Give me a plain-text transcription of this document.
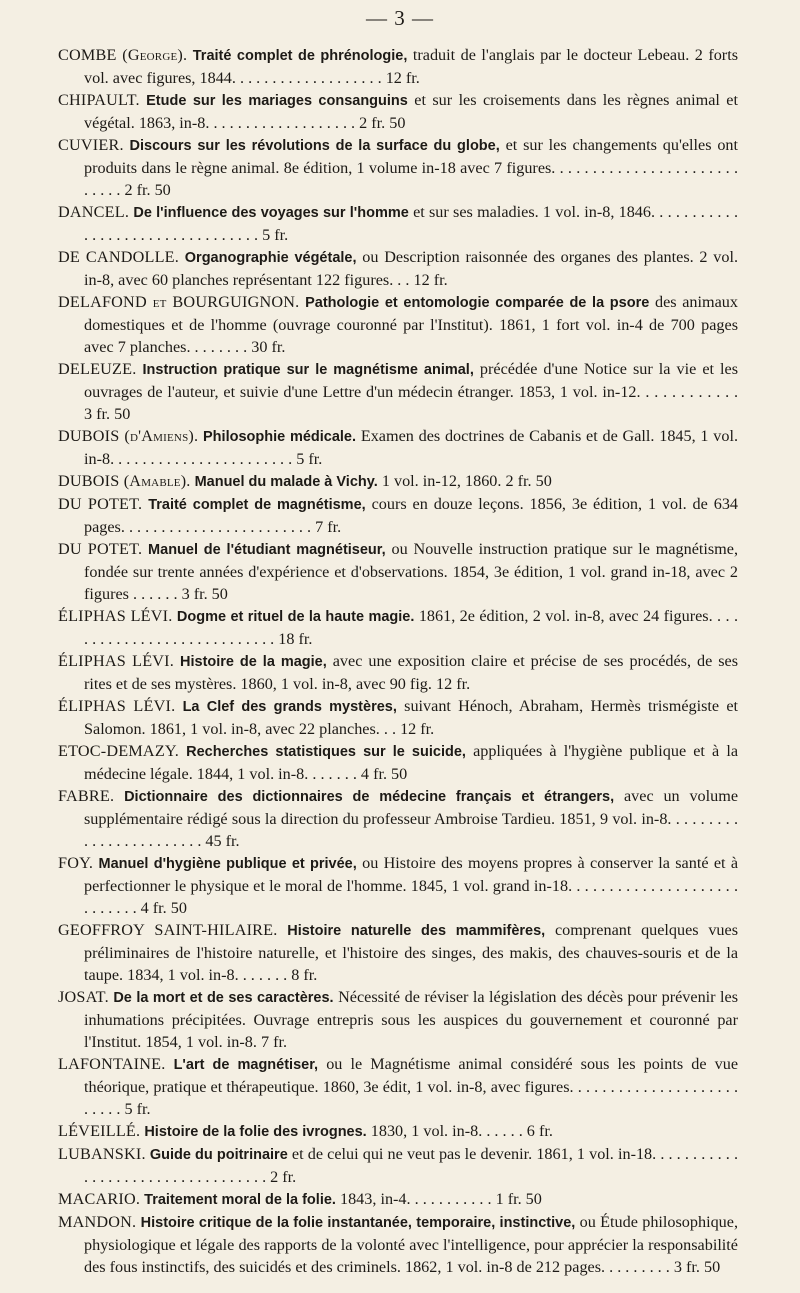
— 3 —

COMBE (George). Traité complet de phrénologie, traduit de l'anglais par le docteur Lebeau. 2 forts vol. avec figures, 1844. . . . . . . . . . . . . . . . . . . 12 fr.

CHIPAULT. Etude sur les mariages consanguins et sur les croisements dans les règnes animal et végétal. 1863, in-8. . . . . . . . . . . . . . . . . . . 2 fr. 50

CUVIER. Discours sur les révolutions de la surface du globe, et sur les changements qu'elles ont produits dans le règne animal. 8e édition, 1 volume in-18 avec 7 figures. . . . . . . . . . . . . . . . . . . . . . . . . . . . 2 fr. 50

DANCEL. De l'influence des voyages sur l'homme et sur ses maladies. 1 vol. in-8, 1846. . . . . . . . . . . . . . . . . . . . . . . . . . . . . . . . . 5 fr.

DE CANDOLLE. Organographie végétale, ou Description raisonnée des organes des plantes. 2 vol. in-8, avec 60 planches représentant 122 figures. . . 12 fr.

DELAFOND et BOURGUIGNON. Pathologie et entomologie comparée de la psore des animaux domestiques et de l'homme (ouvrage couronné par l'Institut). 1861, 1 fort vol. in-4 de 700 pages avec 7 planches. . . . . . . . 30 fr.

DELEUZE. Instruction pratique sur le magnétisme animal, précédée d'une Notice sur la vie et les ouvrages de l'auteur, et suivie d'une Lettre d'un médecin étranger. 1853, 1 vol. in-12. . . . . . . . . . . . 3 fr. 50

DUBOIS (d'Amiens). Philosophie médicale. Examen des doctrines de Cabanis et de Gall. 1845, 1 vol. in-8. . . . . . . . . . . . . . . . . . . . . . . 5 fr.

DUBOIS (Amable). Manuel du malade à Vichy. 1 vol. in-12, 1860. 2 fr. 50

DU POTET. Traité complet de magnétisme, cours en douze leçons. 1856, 3e édition, 1 vol. de 634 pages. . . . . . . . . . . . . . . . . . . . . . . . 7 fr.

DU POTET. Manuel de l'étudiant magnétiseur, ou Nouvelle instruction pratique sur le magnétisme, fondée sur trente années d'expérience et d'observations. 1854, 3e édition, 1 vol. grand in-18, avec 2 figures . . . . . . 3 fr. 50

ÉLIPHAS LÉVI. Dogme et rituel de la haute magie. 1861, 2e édition, 2 vol. in-8, avec 24 figures. . . . . . . . . . . . . . . . . . . . . . . . . . . . 18 fr.

ÉLIPHAS LÉVI. Histoire de la magie, avec une exposition claire et précise de ses procédés, de ses rites et de ses mystères. 1860, 1 vol. in-8, avec 90 fig. 12 fr.

ÉLIPHAS LÉVI. La Clef des grands mystères, suivant Hénoch, Abraham, Hermès trismégiste et Salomon. 1861, 1 vol. in-8, avec 22 planches. . . 12 fr.

ETOC-DEMAZY. Recherches statistiques sur le suicide, appliquées à l'hygiène publique et à la médecine légale. 1844, 1 vol. in-8. . . . . . . 4 fr. 50

FABRE. Dictionnaire des dictionnaires de médecine français et étrangers, avec un volume supplémentaire rédigé sous la direction du professeur Ambroise Tardieu. 1851, 9 vol. in-8. . . . . . . . . . . . . . . . . . . . . . . . 45 fr.

FOY. Manuel d'hygiène publique et privée, ou Histoire des moyens propres à conserver la santé et à perfectionner le physique et le moral de l'homme. 1845, 1 vol. grand in-18. . . . . . . . . . . . . . . . . . . . . . . . . . . . 4 fr. 50

GEOFFROY SAINT-HILAIRE. Histoire naturelle des mammifères, comprenant quelques vues préliminaires de l'histoire naturelle, et l'histoire des singes, des makis, des chauves-souris et de la taupe. 1834, 1 vol. in-8. . . . . . . 8 fr.

JOSAT. De la mort et de ses caractères. Nécessité de réviser la législation des décès pour prévenir les inhumations précipitées. Ouvrage entrepris sous les auspices du gouvernement et couronné par l'Institut. 1854, 1 vol. in-8. 7 fr.

LAFONTAINE. L'art de magnétiser, ou le Magnétisme animal considéré sous les points de vue théorique, pratique et thérapeutique. 1860, 3e édit, 1 vol. in-8, avec figures. . . . . . . . . . . . . . . . . . . . . . . . . . 5 fr.

LÉVEILLÉ. Histoire de la folie des ivrognes. 1830, 1 vol. in-8. . . . . . 6 fr.

LUBANSKI. Guide du poitrinaire et de celui qui ne veut pas le devenir. 1861, 1 vol. in-18. . . . . . . . . . . . . . . . . . . . . . . . . . . . . . . . . . 2 fr.

MACARIO. Traitement moral de la folie. 1843, in-4. . . . . . . . . . . 1 fr. 50

MANDON. Histoire critique de la folie instantanée, temporaire, instinctive, ou Étude philosophique, physiologique et légale des rapports de la volonté avec l'intelligence, pour apprécier la responsabilité des fous instinctifs, des suicidés et des criminels. 1862, 1 vol. in-8 de 212 pages. . . . . . . . . 3 fr. 50
